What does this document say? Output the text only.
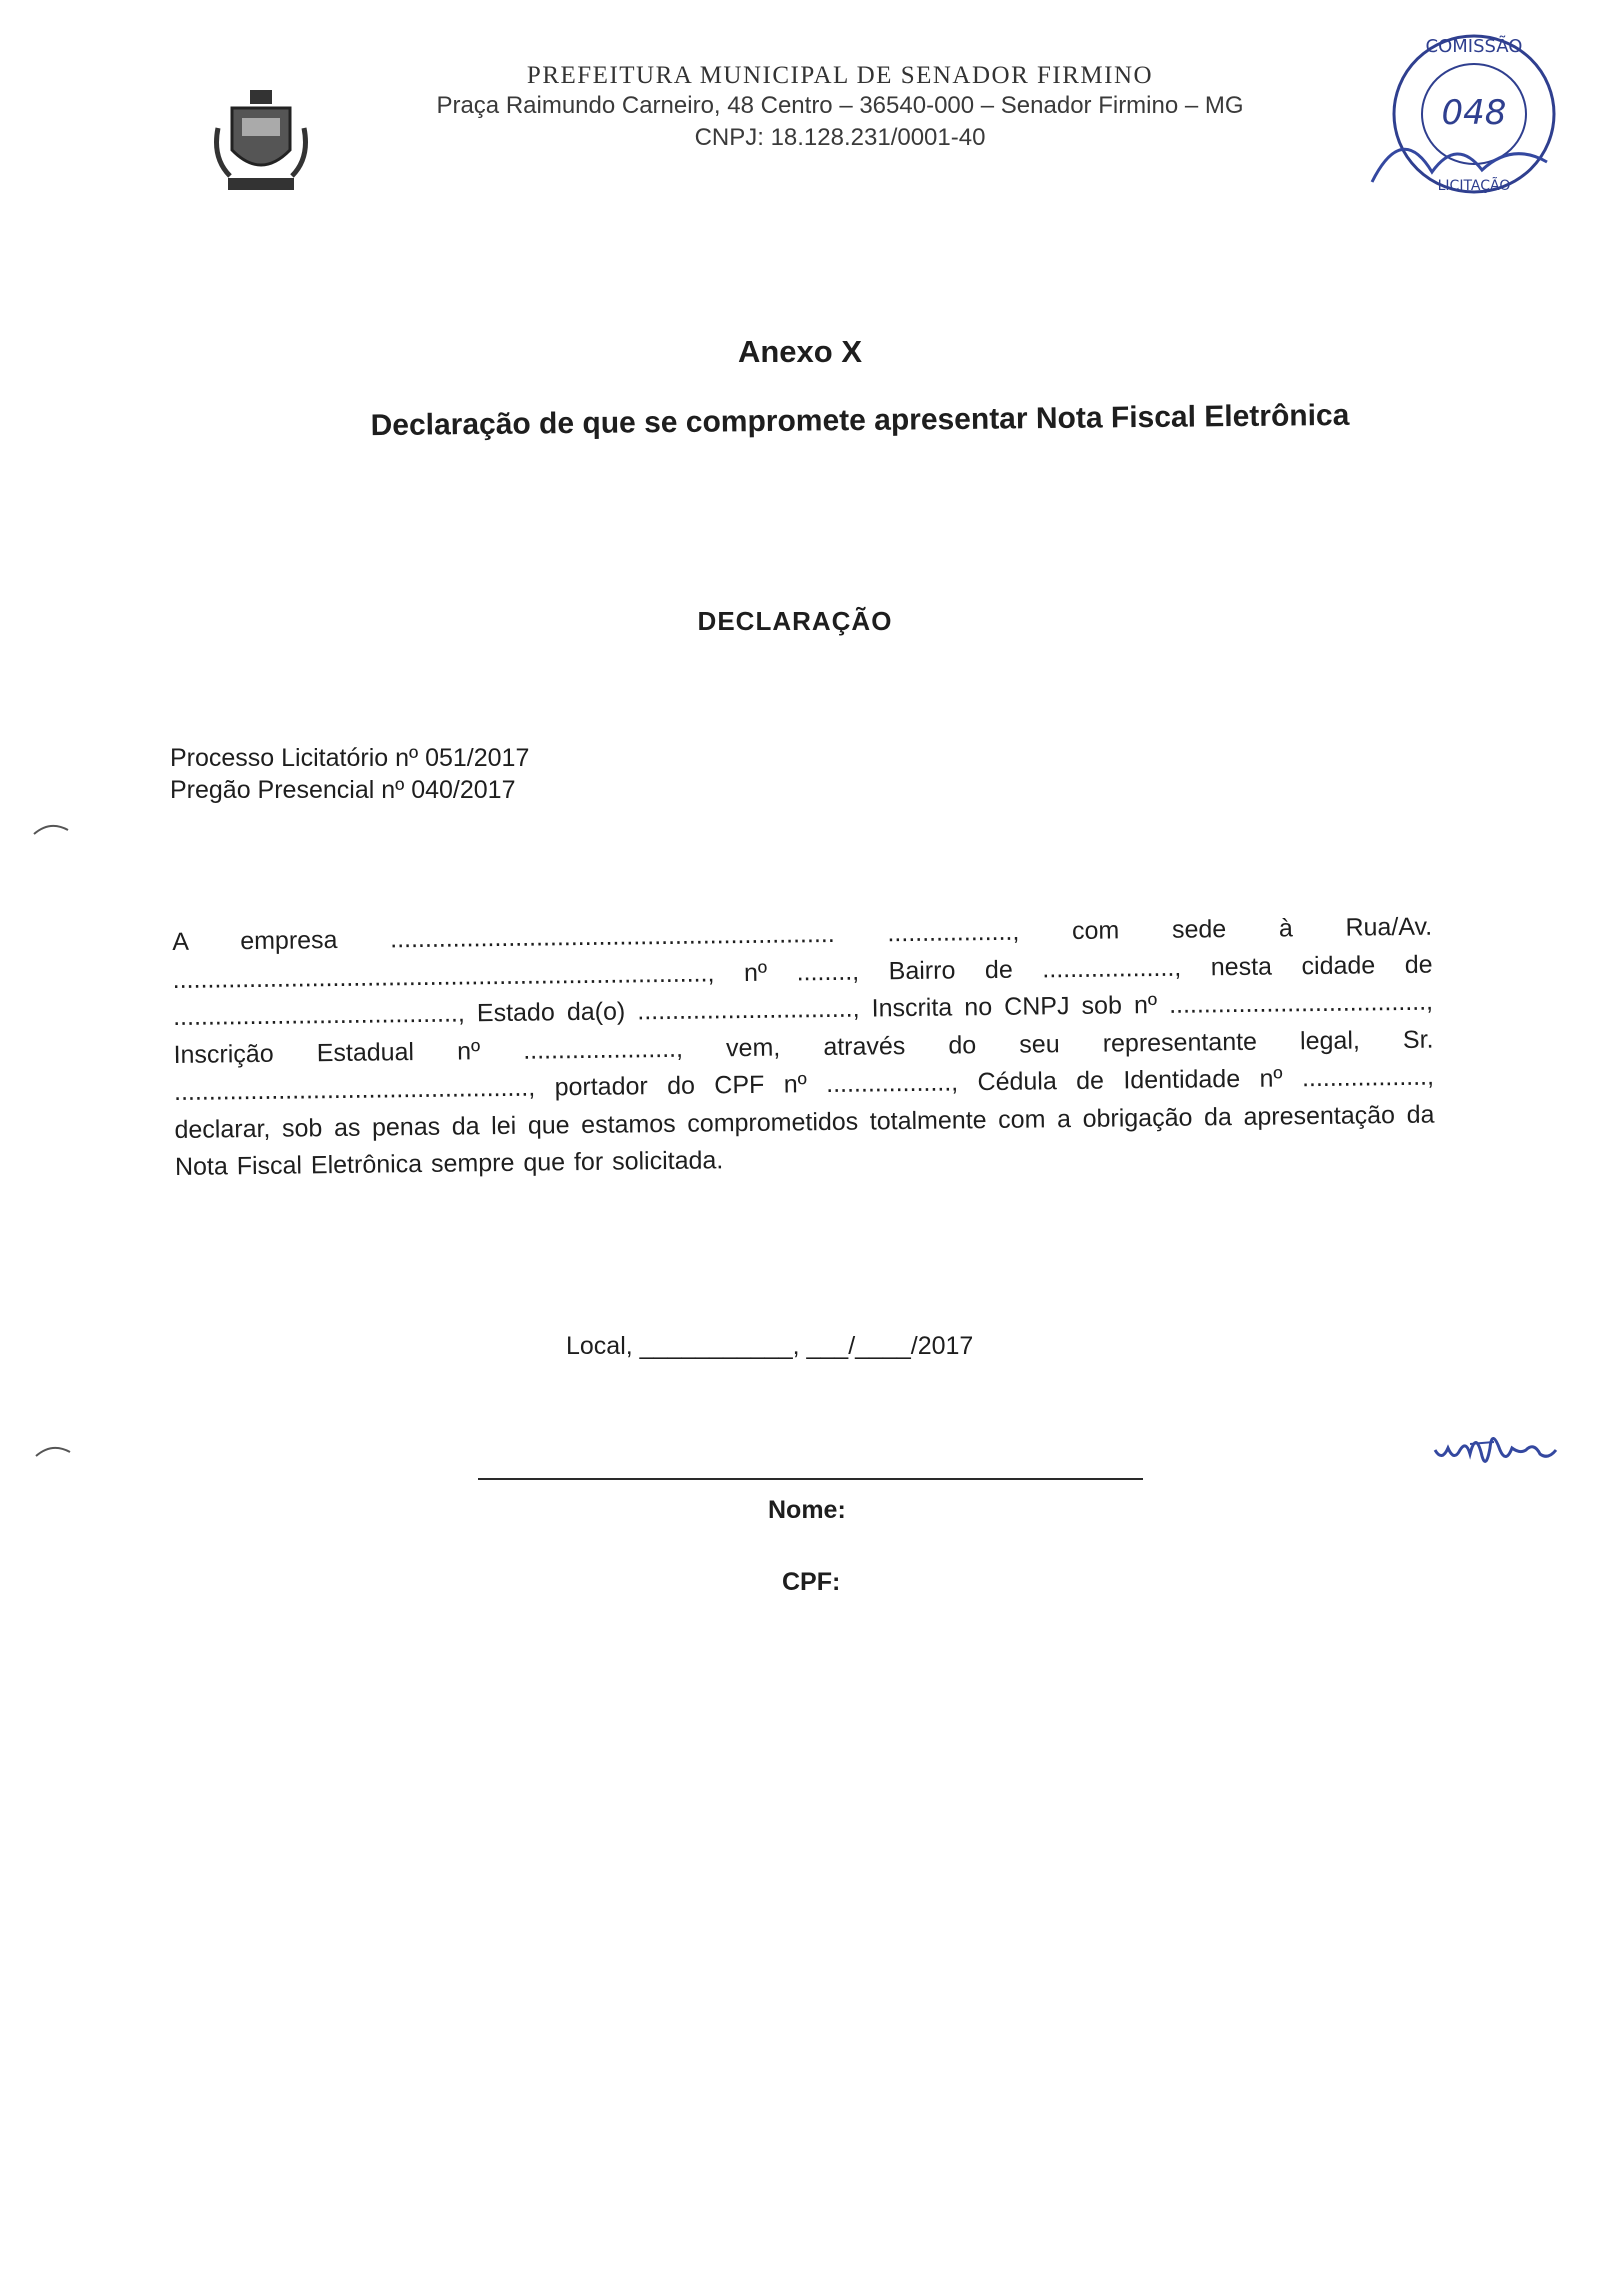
PREFEITURA MUNICIPAL DE SENADOR FIRMINO
Praça Raimundo Carneiro, 48 Centro – 36540-000 – Senador Firmino – MG
CNPJ: 18.128.231/0001-40
COMISSÃO
048
LICITAÇÃO
Anexo X
Declaração de que se compromete apresentar Nota Fiscal Eletrônica
DECLARAÇÃO
Processo Licitatório nº 051/2017
Pregão Presencial nº 040/2017
A empresa ................................................................ .................., com sede à Rua/Av. ............................................................................., nº ........, Bairro de ..................., nesta cidade de ........................................., Estado da(o) ..............................., Inscrita no CNPJ sob nº ....................................., Inscrição Estadual nº ......................, vem, através do seu representante legal, Sr. ..................................................., portador do CPF nº .................., Cédula de Identidade nº .................., declarar, sob as penas da lei que estamos comprometidos totalmente com a obrigação da apresentação da Nota Fiscal Eletrônica sempre que for solicitada.
Local, ___________, ___/____/2017
Nome:
CPF:
